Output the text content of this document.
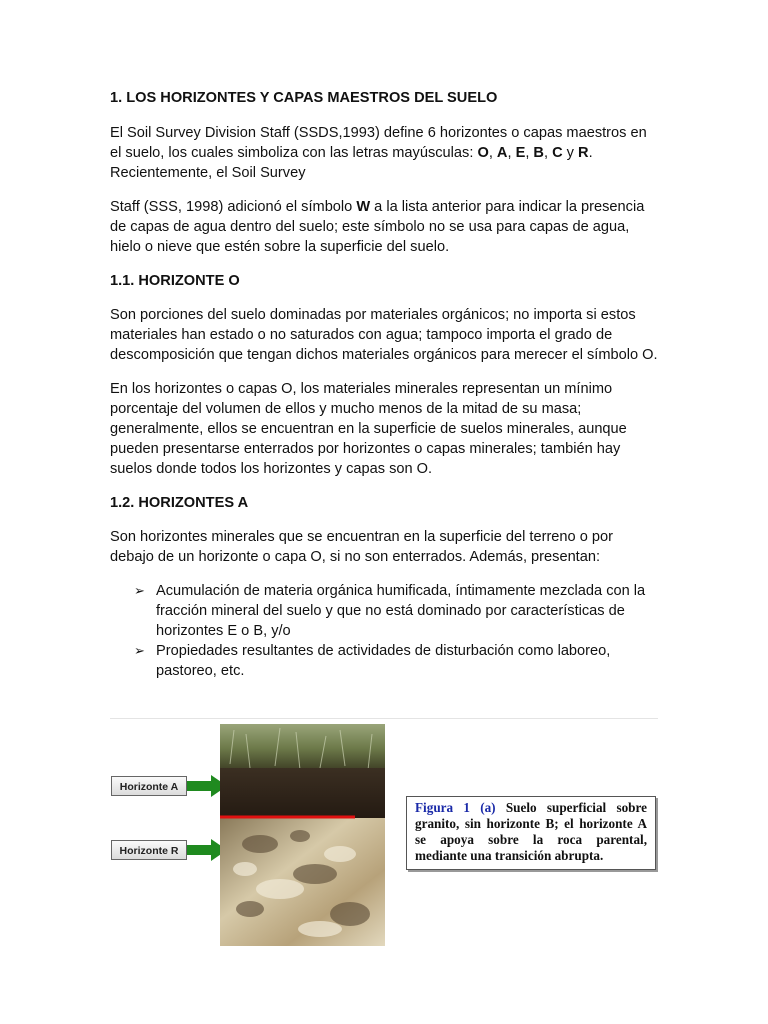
1. LOS HORIZONTES Y CAPAS MAESTROS DEL SUELO

El Soil Survey Division Staff (SSDS,1993) define 6 horizontes o capas maestros en el suelo, los cuales simboliza con las letras mayúsculas: O, A, E, B, C y R. Recientemente, el Soil Survey

Staff (SSS, 1998) adicionó el símbolo W a la lista anterior para indicar la presencia de capas de agua dentro del suelo; este símbolo no se usa para capas de agua, hielo o nieve que estén sobre la superficie del suelo.

1.1. HORIZONTE O

Son porciones del suelo dominadas por materiales orgánicos; no importa si estos materiales han estado o no saturados con agua; tampoco importa el grado de descomposición que tengan dichos materiales orgánicos para merecer el símbolo O.

En los horizontes o capas O, los materiales minerales representan un mínimo porcentaje del volumen de ellos y mucho menos de la mitad de su masa; generalmente, ellos se encuentran en la superficie de suelos minerales, aunque pueden presentarse enterrados por horizontes o capas minerales; también hay suelos donde todos los horizontes y capas son O.

1.2. HORIZONTES A

Son horizontes minerales que se encuentran en la superficie del terreno o por debajo de un horizonte o capa O, si no son enterrados. Además, presentan:

➢ Acumulación de materia orgánica humificada, íntimamente mezclada con la fracción mineral del suelo y que no está dominado por características de horizontes E o B, y/o
➢ Propiedades resultantes de actividades de disturbación como laboreo, pastoreo, etc.
Horizonte A
Horizonte R
Figura 1 (a) Suelo superficial sobre granito, sin horizonte B; el horizonte A se apoya sobre la roca parental, mediante una transición abrupta.
